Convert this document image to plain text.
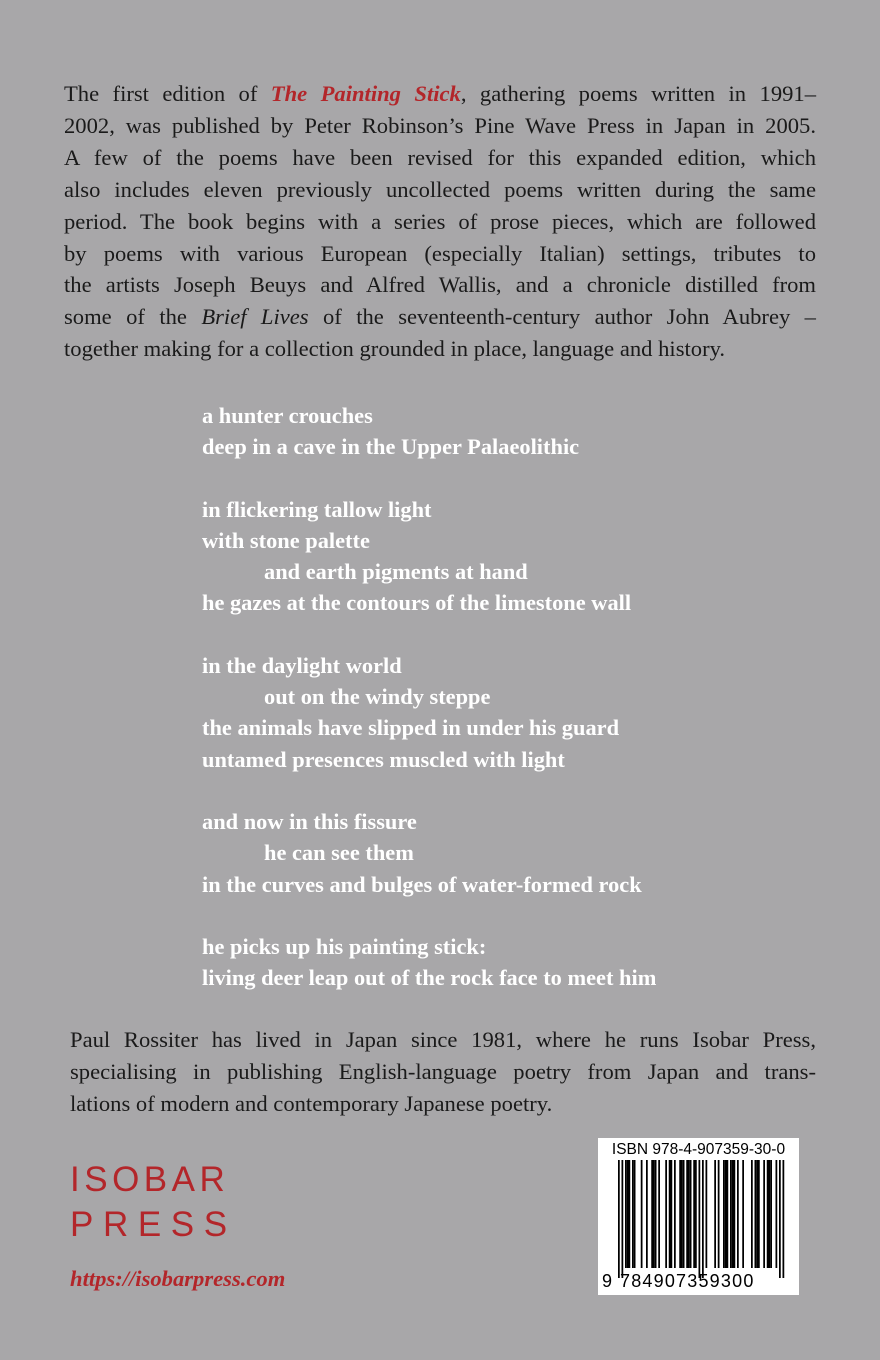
The first edition of The Painting Stick, gathering poems written in 1991–
2002, was published by Peter Robinson’s Pine Wave Press in Japan in 2005.
A few of the poems have been revised for this expanded edition, which
also includes eleven previously uncollected poems written during the same
period. The book begins with a series of prose pieces, which are followed
by poems with various European (especially Italian) settings, tributes to
the artists Joseph Beuys and Alfred Wallis, and a chronicle distilled from
some of the Brief Lives of the seventeenth-century author John Aubrey –
together making for a collection grounded in place, language and history.
a hunter crouches
deep in a cave in the Upper Palaeolithic
in flickering tallow light
with stone palette
and earth pigments at hand
he gazes at the contours of the limestone wall
in the daylight world
out on the windy steppe
the animals have slipped in under his guard
untamed presences muscled with light
and now in this fissure
he can see them
in the curves and bulges of water-formed rock
he picks up his painting stick:
living deer leap out of the rock face to meet him
Paul Rossiter has lived in Japan since 1981, where he runs Isobar Press,
specialising in publishing English-language poetry from Japan and trans-
lations of modern and contemporary Japanese poetry.
ISOBAR
PRESS
https://isobarpress.com
ISBN 978-4-907359-30-0
9 784907359300
